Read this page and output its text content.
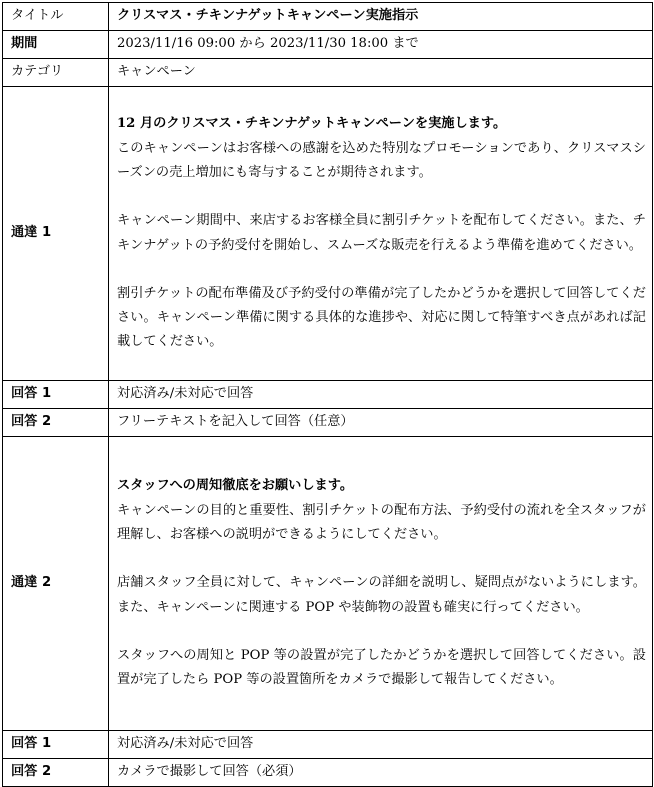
タイトル	クリスマス・チキンナゲットキャンペーン実施指示
期間	2023/11/16 09:00 から 2023/11/30 18:00 まで
カテゴリ	キャンペーン
通達 1	12 月のクリスマス・チキンナゲットキャンペーンを実施します。
このキャンペーンはお客様への感謝を込めた特別なプロモーションであり、クリスマスシーズンの売上増加にも寄与することが期待されます。
キャンペーン期間中、来店するお客様全員に割引チケットを配布してください。また、チキンナゲットの予約受付を開始し、スムーズな販売を行えるよう準備を進めてください。
割引チケットの配布準備及び予約受付の準備が完了したかどうかを選択して回答してください。キャンペーン準備に関する具体的な進捗や、対応に関して特筆すべき点があれば記載してください。

回答 1	対応済み/未対応で回答
回答 2	フリーテキストを記入して回答（任意）
通達 2	スタッフへの周知徹底をお願いします。
キャンペーンの目的と重要性、割引チケットの配布方法、予約受付の流れを全スタッフが理解し、お客様への説明ができるようにしてください。
店舗スタッフ全員に対して、キャンペーンの詳細を説明し、疑問点がないようにします。また、キャンペーンに関連する POP や装飾物の設置も確実に行ってください。
スタッフへの周知と POP 等の設置が完了したかどうかを選択して回答してください。設置が完了したら POP 等の設置箇所をカメラで撮影して報告してください。

回答 1	対応済み/未対応で回答
回答 2	カメラで撮影して回答（必須）
